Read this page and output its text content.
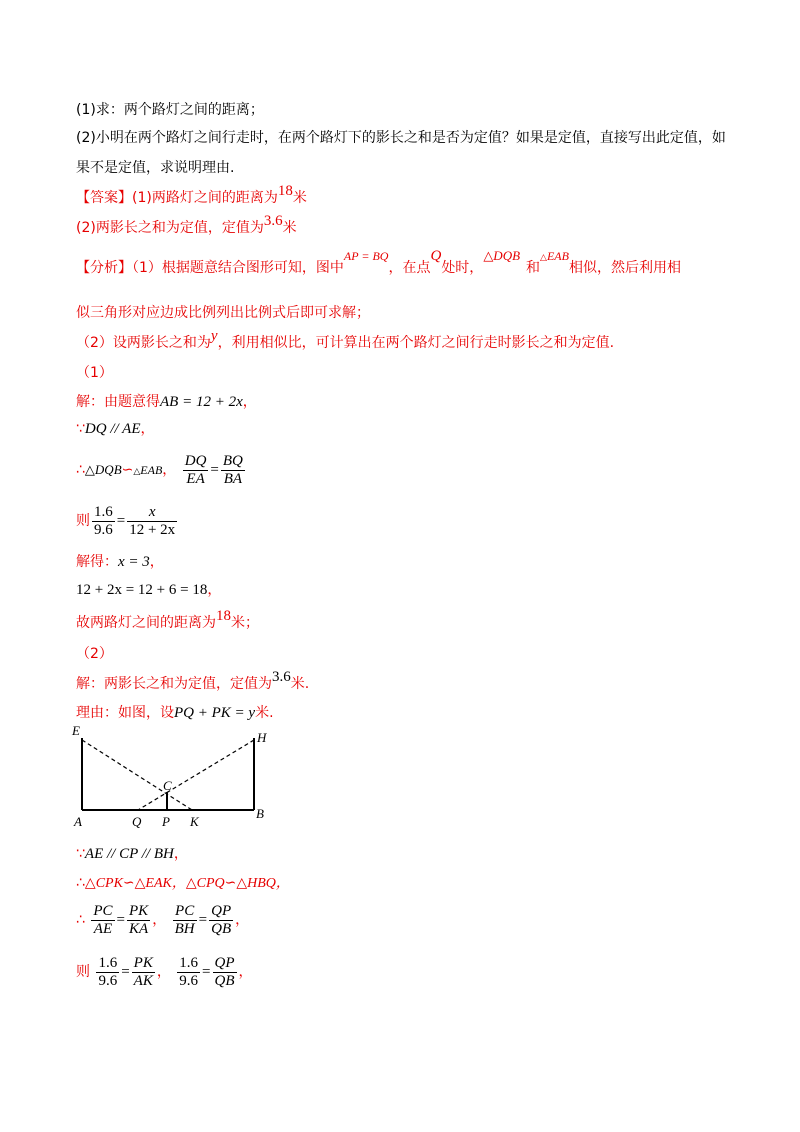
(1)求：两个路灯之间的距离；
(2)小明在两个路灯之间行走时，在两个路灯下的影长之和是否为定值？如果是定值，直接写出此定值，如
果不是定值，求说明理由.
【答案】(1)两路灯之间的距离为18米
(2)两影长之和为定值，定值为3.6米
【分析】（1）根据题意结合图形可知，图中AP = BQ，在点Q处时，△DQB和△EAB相似，然后利用相
似三角形对应边成比例列出比例式后即可求解；
（2）设两影长之和为y，利用相似比，可计算出在两个路灯之间行走时影长之和为定值.
（1）
解：由题意得AB = 12 + 2x，
∵DQ // AE，
∴△DQB∽△EAB， $\frac{DQ}{EA} = \frac{BQ}{BA}$
则 $\frac{1.6}{9.6} = \frac{x}{12 + 2x}$
解得：x = 3，
12 + 2x = 12 + 6 = 18，
故两路灯之间的距离为18米；
（2）
解：两影长之和为定值，定值为3.6米.
理由：如图，设PQ + PK = y米.
E	H
C
A	Q P K
B
∵AE // CP // BH，
∴△CPK∽△EAK，△CPQ∽△HBQ，
∴ $\frac{PC}{AE} = \frac{PK}{KA}$ ， $\frac{PC}{BH} = \frac{QP}{QB}$ ，
则 $\frac{1.6}{9.6} = \frac{PK}{AK}$ ， $\frac{1.6}{9.6} = \frac{QP}{QB}$ ，
